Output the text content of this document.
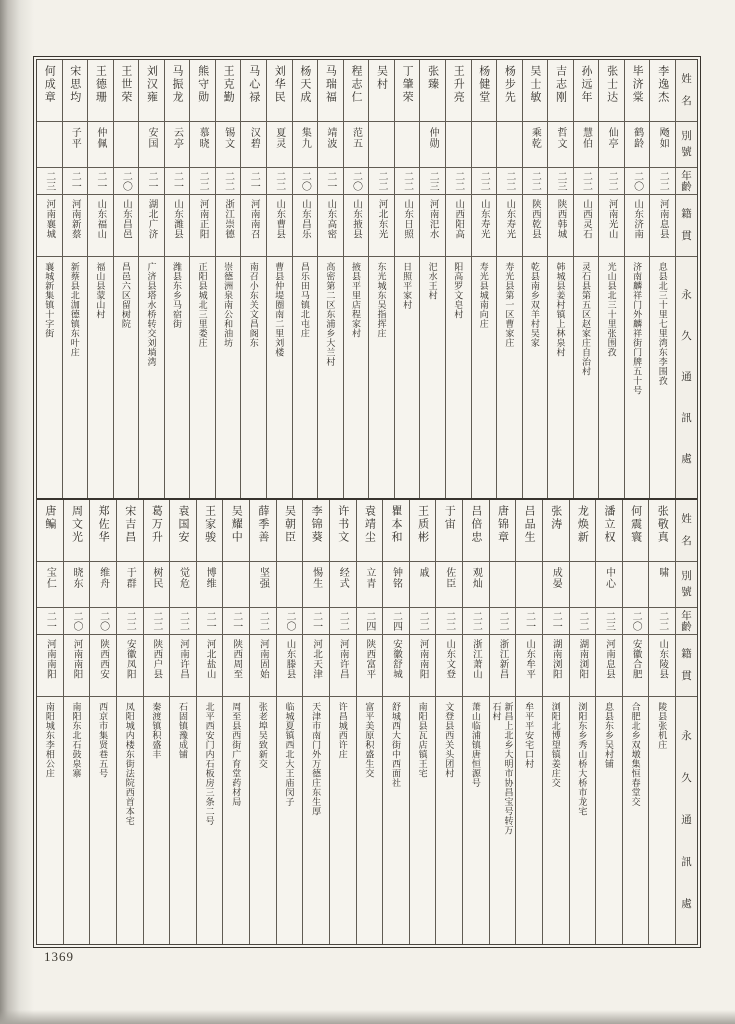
姓
名
別
號
年
齡
籍
貫
永
久
通
訊
處
李逸杰
飏如
二二
河南息县
息县北三十里七里湾东李围孜
毕济棠
鹤龄
二〇
山东济南
济南麟祥门外麟祥街门牌五十号
张士达
仙亭
二二
河南光山
光山县北三十里张围孜
孙远年
慧伯
二二
山西灵石
灵石县第五区赵家庄自治村
吉志刚
哲文
二三
陕西韩城
韩城县姜村镇上林泉村
吴士敏
乘乾
二二
陕西乾县
乾县南乡双羊村吴家
杨步先
二二
山东寿光
寿光县第一区曹家庄
杨健堂
二二
山东寿光
寿光县城南向庄
王升亮
二二
山西阳高
阳高罗文皂村
张臻
仲勋
二三
河南汜水
汜水王村
丁肇荣
二二
山东日照
日照平家村
吴村
二二
河北东光
东光城东吴指挥庄
程志仁
范五
二〇
山东掖县
掖县平里店程家村
马瑞福
靖波
二一
山东高密
高密第二区东浦乡大兰村
杨天成
集九
二〇
山东昌乐
昌乐田马镇北屯庄
刘华民
夏灵
二二
山东曹县
曹县仲堤圈南二里刘楼
马心禄
汉碧
二一
河南南召
南召小东关文昌阁东
王克勤
锡文
二二
浙江崇德
崇德洲泉南公和油坊
熊守勋
慕晓
二二
河南正阳
正阳县城北三里娄庄
马振龙
云亭
二一
山东潍县
潍县东乡马宿街
刘汉雍
安国
二一
湖北广济
广济县塔水桥转交刘埫湾
王世荣
二〇
山东昌邑
昌邑六区留树院
王德珊
仲佩
二一
山东福山
福山县蒙山村
宋思均
子平
二一
河南新蔡
新蔡县北泇德镇东叶庄
何成章
二三
河南襄城
襄城新集镇十字街
姓
名
別
號
年
齡
籍
貫
永
久
通
訊
處
张敬真
啸
二二
山东陵县
陵县张机庄
何震寰
二〇
安徽合肥
合肥北乡双墩集恒春堂交
潘立权
中心
二三
河南息县
息县东乡吴村铺
龙焕新
二二
湖南浏阳
浏阳东乡秀山桥大桥市龙宅
张涛
成晏
二一
湖南浏阳
浏阳北博望镇姜庄交
吕品生
二一
山东牟平
牟平平安宅口村
唐锦章
二二
浙江新昌
新昌上北乡大明市协昌宝号转万石村
吕倍忠
观灿
二二
浙江萧山
萧山临浦镇唐恒源号
于宙
佐臣
二二
山东文登
文登县西关头团村
王质彬
戚
二二
河南南阳
南阳县瓦店镇王宅
瞿本和
钟铭
二四
安徽舒城
舒城西大街中西面社
袁靖尘
立青
二四
陕西富平
富平美原积盛生交
许书文
经式
二二
河南许昌
许昌城西许庄
李锦葵
惕生
二一
河北天津
天津市南门外万德庄东生厚
吴朝臣
二〇
山东滕县
临城夏镇西北大王庙闵子
薛季善
坚强
二二
河南固始
张老埠吴致新交
吴耀中
二一
陕西周至
周至县西街广育堂药材局
王家骏
博维
二一
河北盐山
北平西安门内石板房三条二号
袁国安
觉危
二二
河南许昌
石固镇豫成铺
葛万升
树民
二二
陕西户县
秦渡镇积盛丰
宋吉昌
于群
二二
安徽凤阳
凤阳城内楼东街法院西首本宅
郑佐华
维舟
二〇
陕西西安
西京市集贤巷五号
周文光
晓东
二〇
河南南阳
南阳东北石鼓泉寨
唐鳊
宝仁
二一
河南南阳
南阳城东李相公庄
1369
